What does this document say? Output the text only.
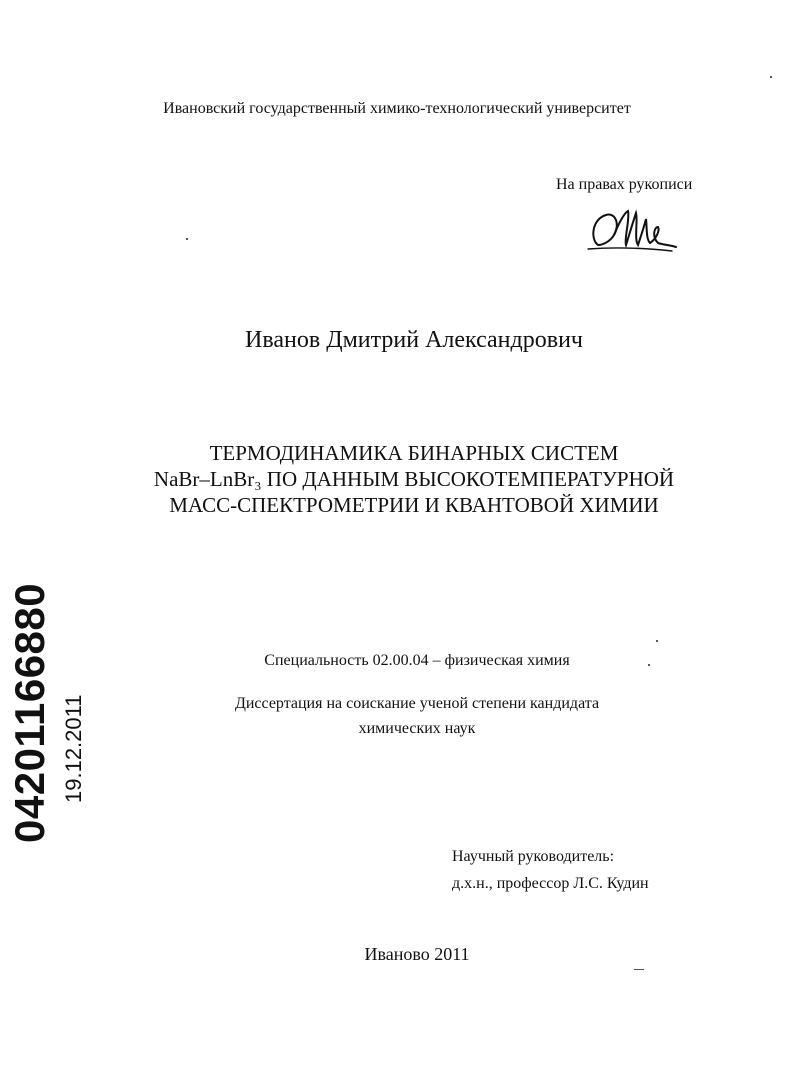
Ивановский государственный химико-технологический университет
На правах рукописи
Иванов Дмитрий Александрович
ТЕРМОДИНАМИКА БИНАРНЫХ СИСТЕМ
NaBr–LnBr₃ ПО ДАННЫМ ВЫСОКОТЕМПЕРАТУРНОЙ
МАСС-СПЕКТРОМЕТРИИ И КВАНТОВОЙ ХИМИИ
Специальность 02.00.04 – физическая химия
Диссертация на соискание ученой степени кандидата
химических наук
Научный руководитель:
д.х.н., профессор Л.С. Кудин
Иваново 2011
04201166880 19.12.2011
